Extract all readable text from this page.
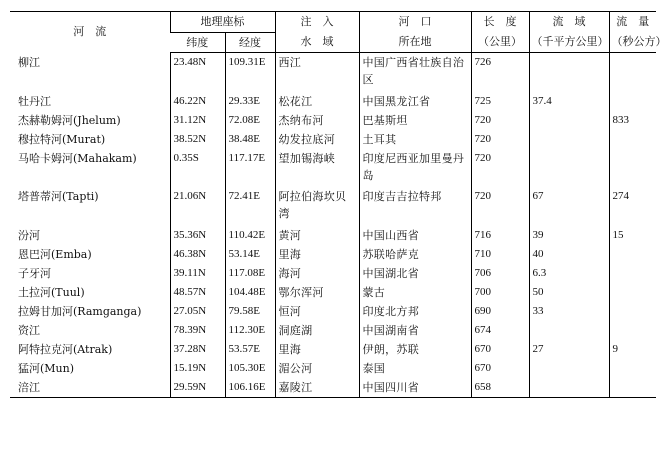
河　流	地理座标		注　入	河　口	长　度	流　域	流　量
	纬度	经度	水　域	所在地	（公里）	（千平方公里）	（秒公方）
柳江	23.48N	109.31E	西江	中国广西省壮族自治区	726		
牡丹江	46.22N	29.33E	松花江	中国黑龙江省	725	37.4	
杰赫勒姆河(Jhelum)	31.12N	72.08E	杰纳布河	巴基斯坦	720		833
穆拉特河(Murat)	38.52N	38.48E	幼发拉底河	土耳其	720		
马哈卡姆河(Mahakam)	0.35S	117.17E	望加锡海峡	印度尼西亚加里曼丹岛	720		
塔普蒂河(Tapti)	21.06N	72.41E	阿拉伯海坎贝湾	印度吉吉拉特邦	720	67	274
汾河	35.36N	110.42E	黄河	中国山西省	716	39	15
恩巴河(Emba)	46.38N	53.14E	里海	苏联哈萨克	710	40	
子牙河	39.11N	117.08E	海河	中国湖北省	706	6.3	
土拉河(Tuul)	48.57N	104.48E	鄂尔浑河	蒙古	700	50	
拉姆甘加河(Ramganga)	27.05N	79.58E	恒河	印度北方邦	690	33	
资江	78.39N	112.30E	洞庭湖	中国湖南省	674		
阿特拉克河(Atrak)	37.28N	53.57E	里海	伊朗，苏联	670	27	9
猛河(Mun)	15.19N	105.30E	湄公河	泰国	670		
涪江	29.59N	106.16E	嘉陵江	中国四川省	658		
